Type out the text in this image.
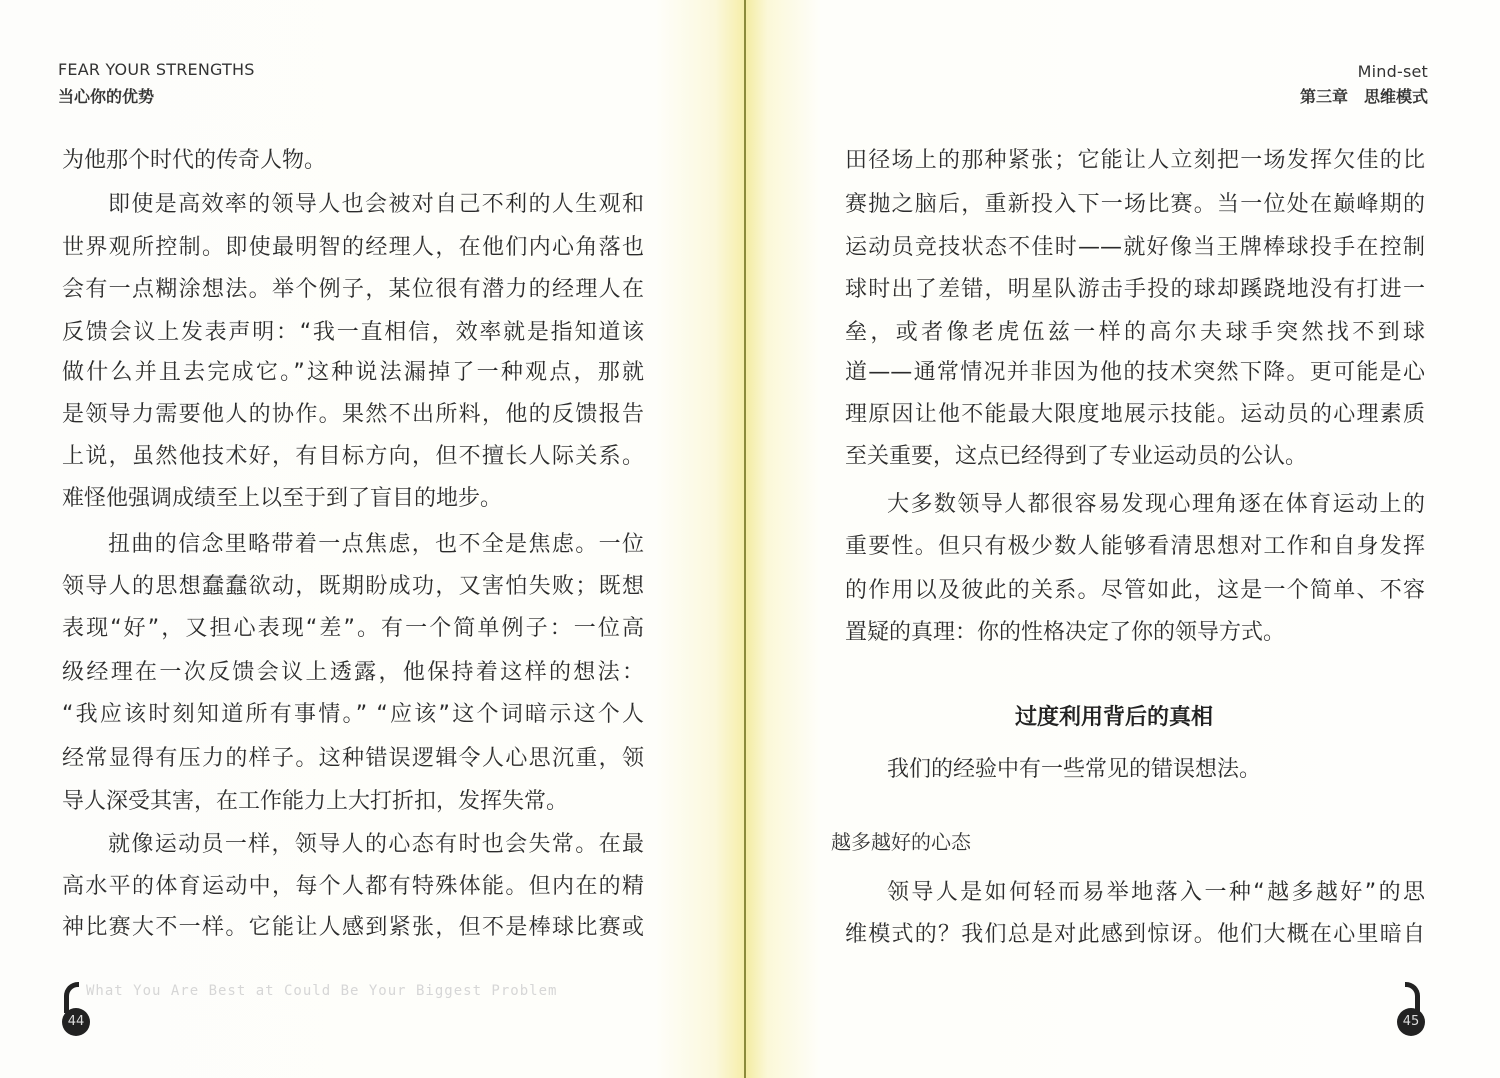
FEAR YOUR STRENGTHS
当心你的优势
为他那个时代的传奇人物。
即使是高效率的领导人也会被对自己不利的人生观和
世界观所控制。即使最明智的经理人，在他们内心角落也
会有一点糊涂想法。举个例子，某位很有潜力的经理人在
反馈会议上发表声明：“我一直相信，效率就是指知道该
做什么并且去完成它。”这种说法漏掉了一种观点，那就
是领导力需要他人的协作。果然不出所料，他的反馈报告
上说，虽然他技术好，有目标方向，但不擅长人际关系。
难怪他强调成绩至上以至于到了盲目的地步。
扭曲的信念里略带着一点焦虑，也不全是焦虑。一位
领导人的思想蠢蠢欲动，既期盼成功，又害怕失败；既想
表现“好”，又担心表现“差”。有一个简单例子：一位高
级经理在一次反馈会议上透露，他保持着这样的想法：
“我应该时刻知道所有事情。” “应该”这个词暗示这个人
经常显得有压力的样子。这种错误逻辑令人心思沉重，领
导人深受其害，在工作能力上大打折扣，发挥失常。
就像运动员一样，领导人的心态有时也会失常。在最
高水平的体育运动中，每个人都有特殊体能。但内在的精
神比赛大不一样。它能让人感到紧张，但不是棒球比赛或
What You Are Best at Could Be Your Biggest Problem
44
Mind-set
第三章　思维模式
田径场上的那种紧张；它能让人立刻把一场发挥欠佳的比
赛抛之脑后，重新投入下一场比赛。当一位处在巅峰期的
运动员竞技状态不佳时——就好像当王牌棒球投手在控制
球时出了差错，明星队游击手投的球却蹊跷地没有打进一
垒，或者像老虎伍兹一样的高尔夫球手突然找不到球
道——通常情况并非因为他的技术突然下降。更可能是心
理原因让他不能最大限度地展示技能。运动员的心理素质
至关重要，这点已经得到了专业运动员的公认。
大多数领导人都很容易发现心理角逐在体育运动上的
重要性。但只有极少数人能够看清思想对工作和自身发挥
的作用以及彼此的关系。尽管如此，这是一个简单、不容
置疑的真理：你的性格决定了你的领导方式。
过度利用背后的真相
我们的经验中有一些常见的错误想法。
越多越好的心态
领导人是如何轻而易举地落入一种“越多越好”的思
维模式的？我们总是对此感到惊讶。他们大概在心里暗自
45
